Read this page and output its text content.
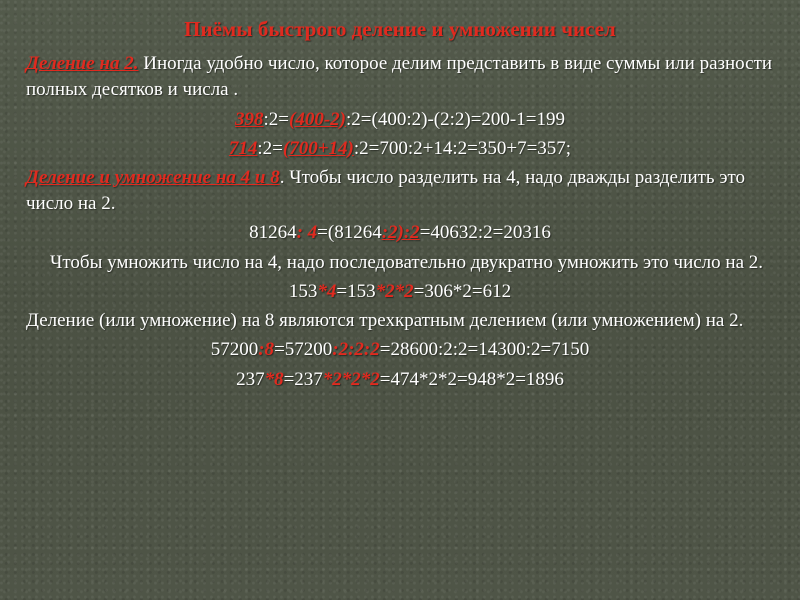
Пиёмы быстрого деление и умножении чисел
Деление на 2. Иногда удобно число, которое делим представить в виде суммы или разности полных десятков и числа .
398:2=(400-2):2=(400:2)-(2:2)=200-1=199
714:2=(700+14):2=700:2+14:2=350+7=357;
Деление и умножение на 4 и 8. Чтобы число разделить на 4, надо дважды разделить это число на 2.
81264: 4=(81264:2):2=40632:2=20316
Чтобы умножить число на 4, надо последовательно двукратно умножить это число на 2.
153*4=153*2*2=306*2=612
Деление (или умножение) на 8 являются трехкратным делением (или умножением) на 2.
57200:8=57200:2:2:2=28600:2:2=14300:2=7150
237*8=237*2*2*2=474*2*2=948*2=1896
